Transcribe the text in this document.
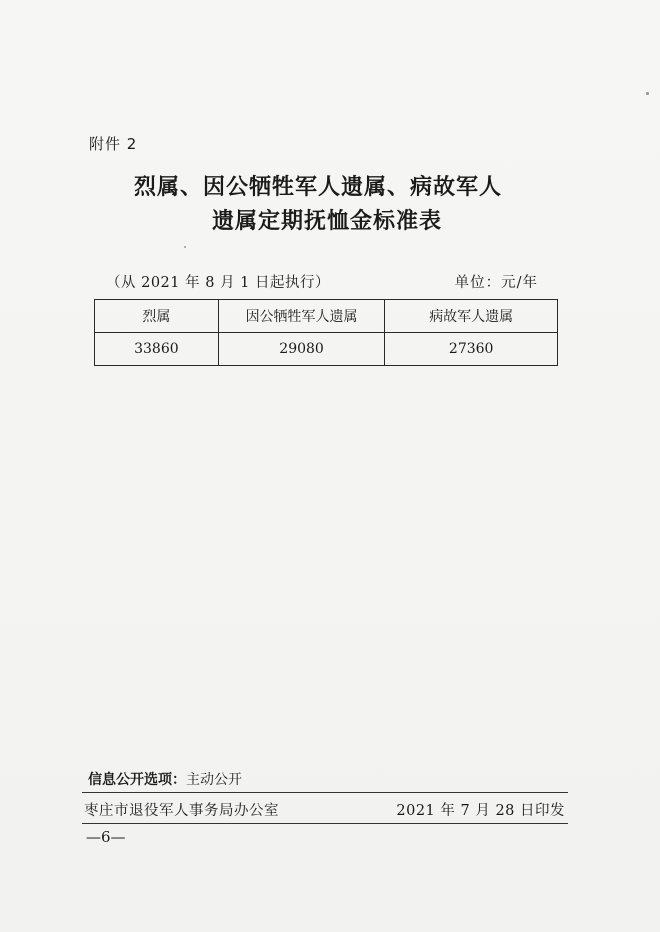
附件 2
烈属、因公牺牲军人遗属、病故军人
遗属定期抚恤金标准表
（从 2021 年 8 月 1 日起执行）	单位：元/年
烈属	因公牺牲军人遗属	病故军人遗属
33860	29080	27360
信息公开选项：主动公开
枣庄市退役军人事务局办公室	2021 年 7 月 28 日印发
—6—
